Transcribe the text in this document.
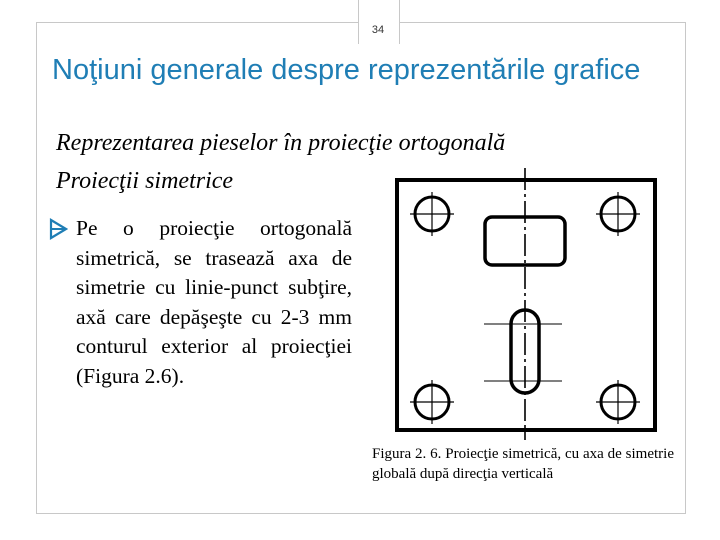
34
Noţiuni generale despre reprezentările grafice
Reprezentarea pieselor în proiecţie ortogonală
Proiecţii simetrice
Pe o proiecţie ortogonală simetrică, se trasează axa de simetrie cu linie-punct subţire, axă care depăşeşte cu 2-3 mm conturul exterior al proiecţiei (Figura 2.6).
Figura 2. 6. Proiecţie simetrică, cu axa de simetrie globală după direcţia verticală
